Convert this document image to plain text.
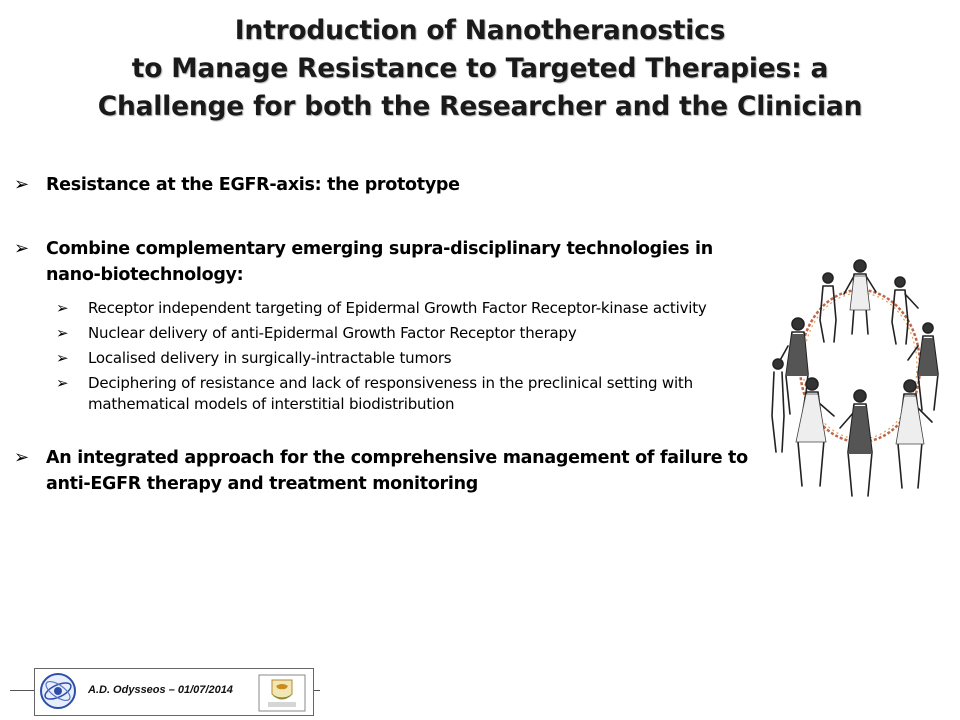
Introduction of Nanotheranostics
to Manage Resistance to Targeted Therapies: a
Challenge for both the Researcher and the Clinician
➢ Resistance at the EGFR-axis: the prototype
➢ Combine complementary emerging supra-disciplinary technologies in nano-biotechnology:
➢	Receptor independent targeting of Epidermal Growth Factor Receptor-kinase activity
➢	Nuclear delivery of anti-Epidermal Growth Factor Receptor therapy
➢	Localised delivery in surgically-intractable tumors
➢	Deciphering of resistance and lack of responsiveness in the preclinical setting with mathematical models of interstitial biodistribution
➢ An integrated approach for the comprehensive management of failure to anti-EGFR therapy and treatment monitoring
A.D. Odysseos – 01/07/2014
